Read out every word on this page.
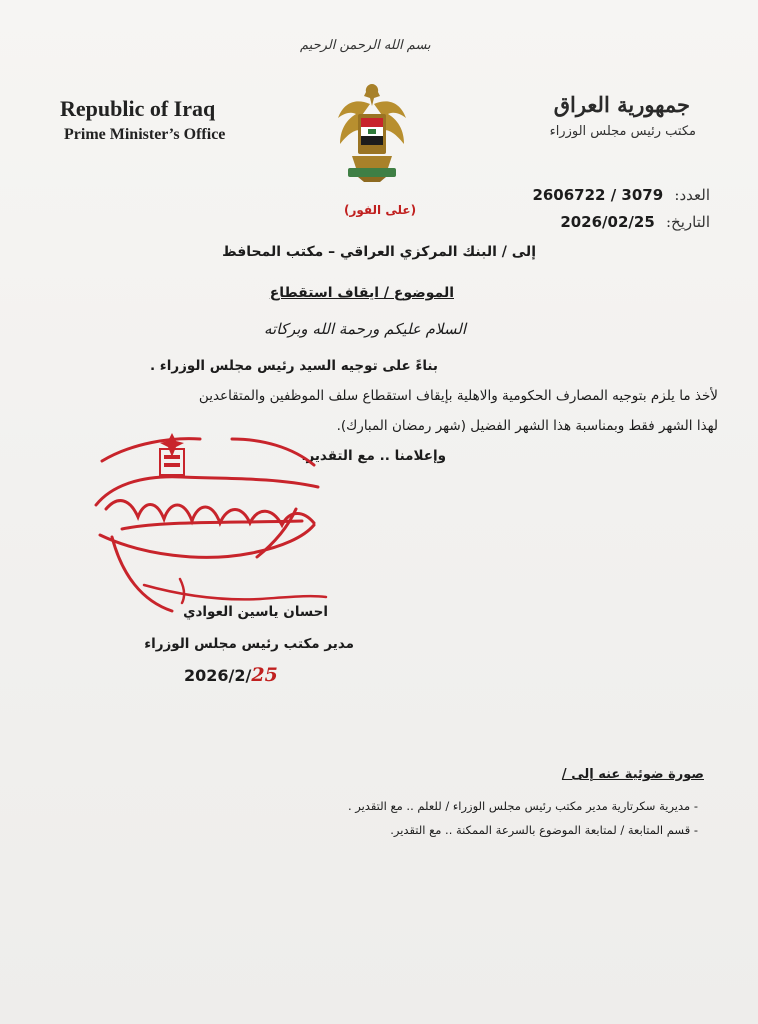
بسم الله الرحمن الرحيم
Republic of Iraq
Prime Minister’s Office
جمهورية العراق
مكتب رئيس مجلس الوزراء
العدد: 2606722 / 3079
التاريخ: 2026/02/25
(على الفور)
إلى / البنك المركزي العراقي – مكتب المحافظ
الموضوع / ايقاف استقطاع
السلام عليكم ورحمة الله وبركاته
بناءً على توجيه السيد رئيس مجلس الوزراء .
لأخذ ما يلزم بتوجيه المصارف الحكومية والاهلية بإيقاف استقطاع سلف الموظفين والمتقاعدين
لهذا الشهر فقط وبمناسبة هذا الشهر الفضيل (شهر رمضان المبارك).
وإعلامنا .. مع التقدير.
احسان ياسين العوادي
مدير مكتب رئيس مجلس الوزراء
2026/2/25
صورة ضوئية عنه إلى /
- مديرية سكرتارية مدير مكتب رئيس مجلس الوزراء / للعلم .. مع التقدير .
- قسم المتابعة / لمتابعة الموضوع بالسرعة الممكنة .. مع التقدير.
